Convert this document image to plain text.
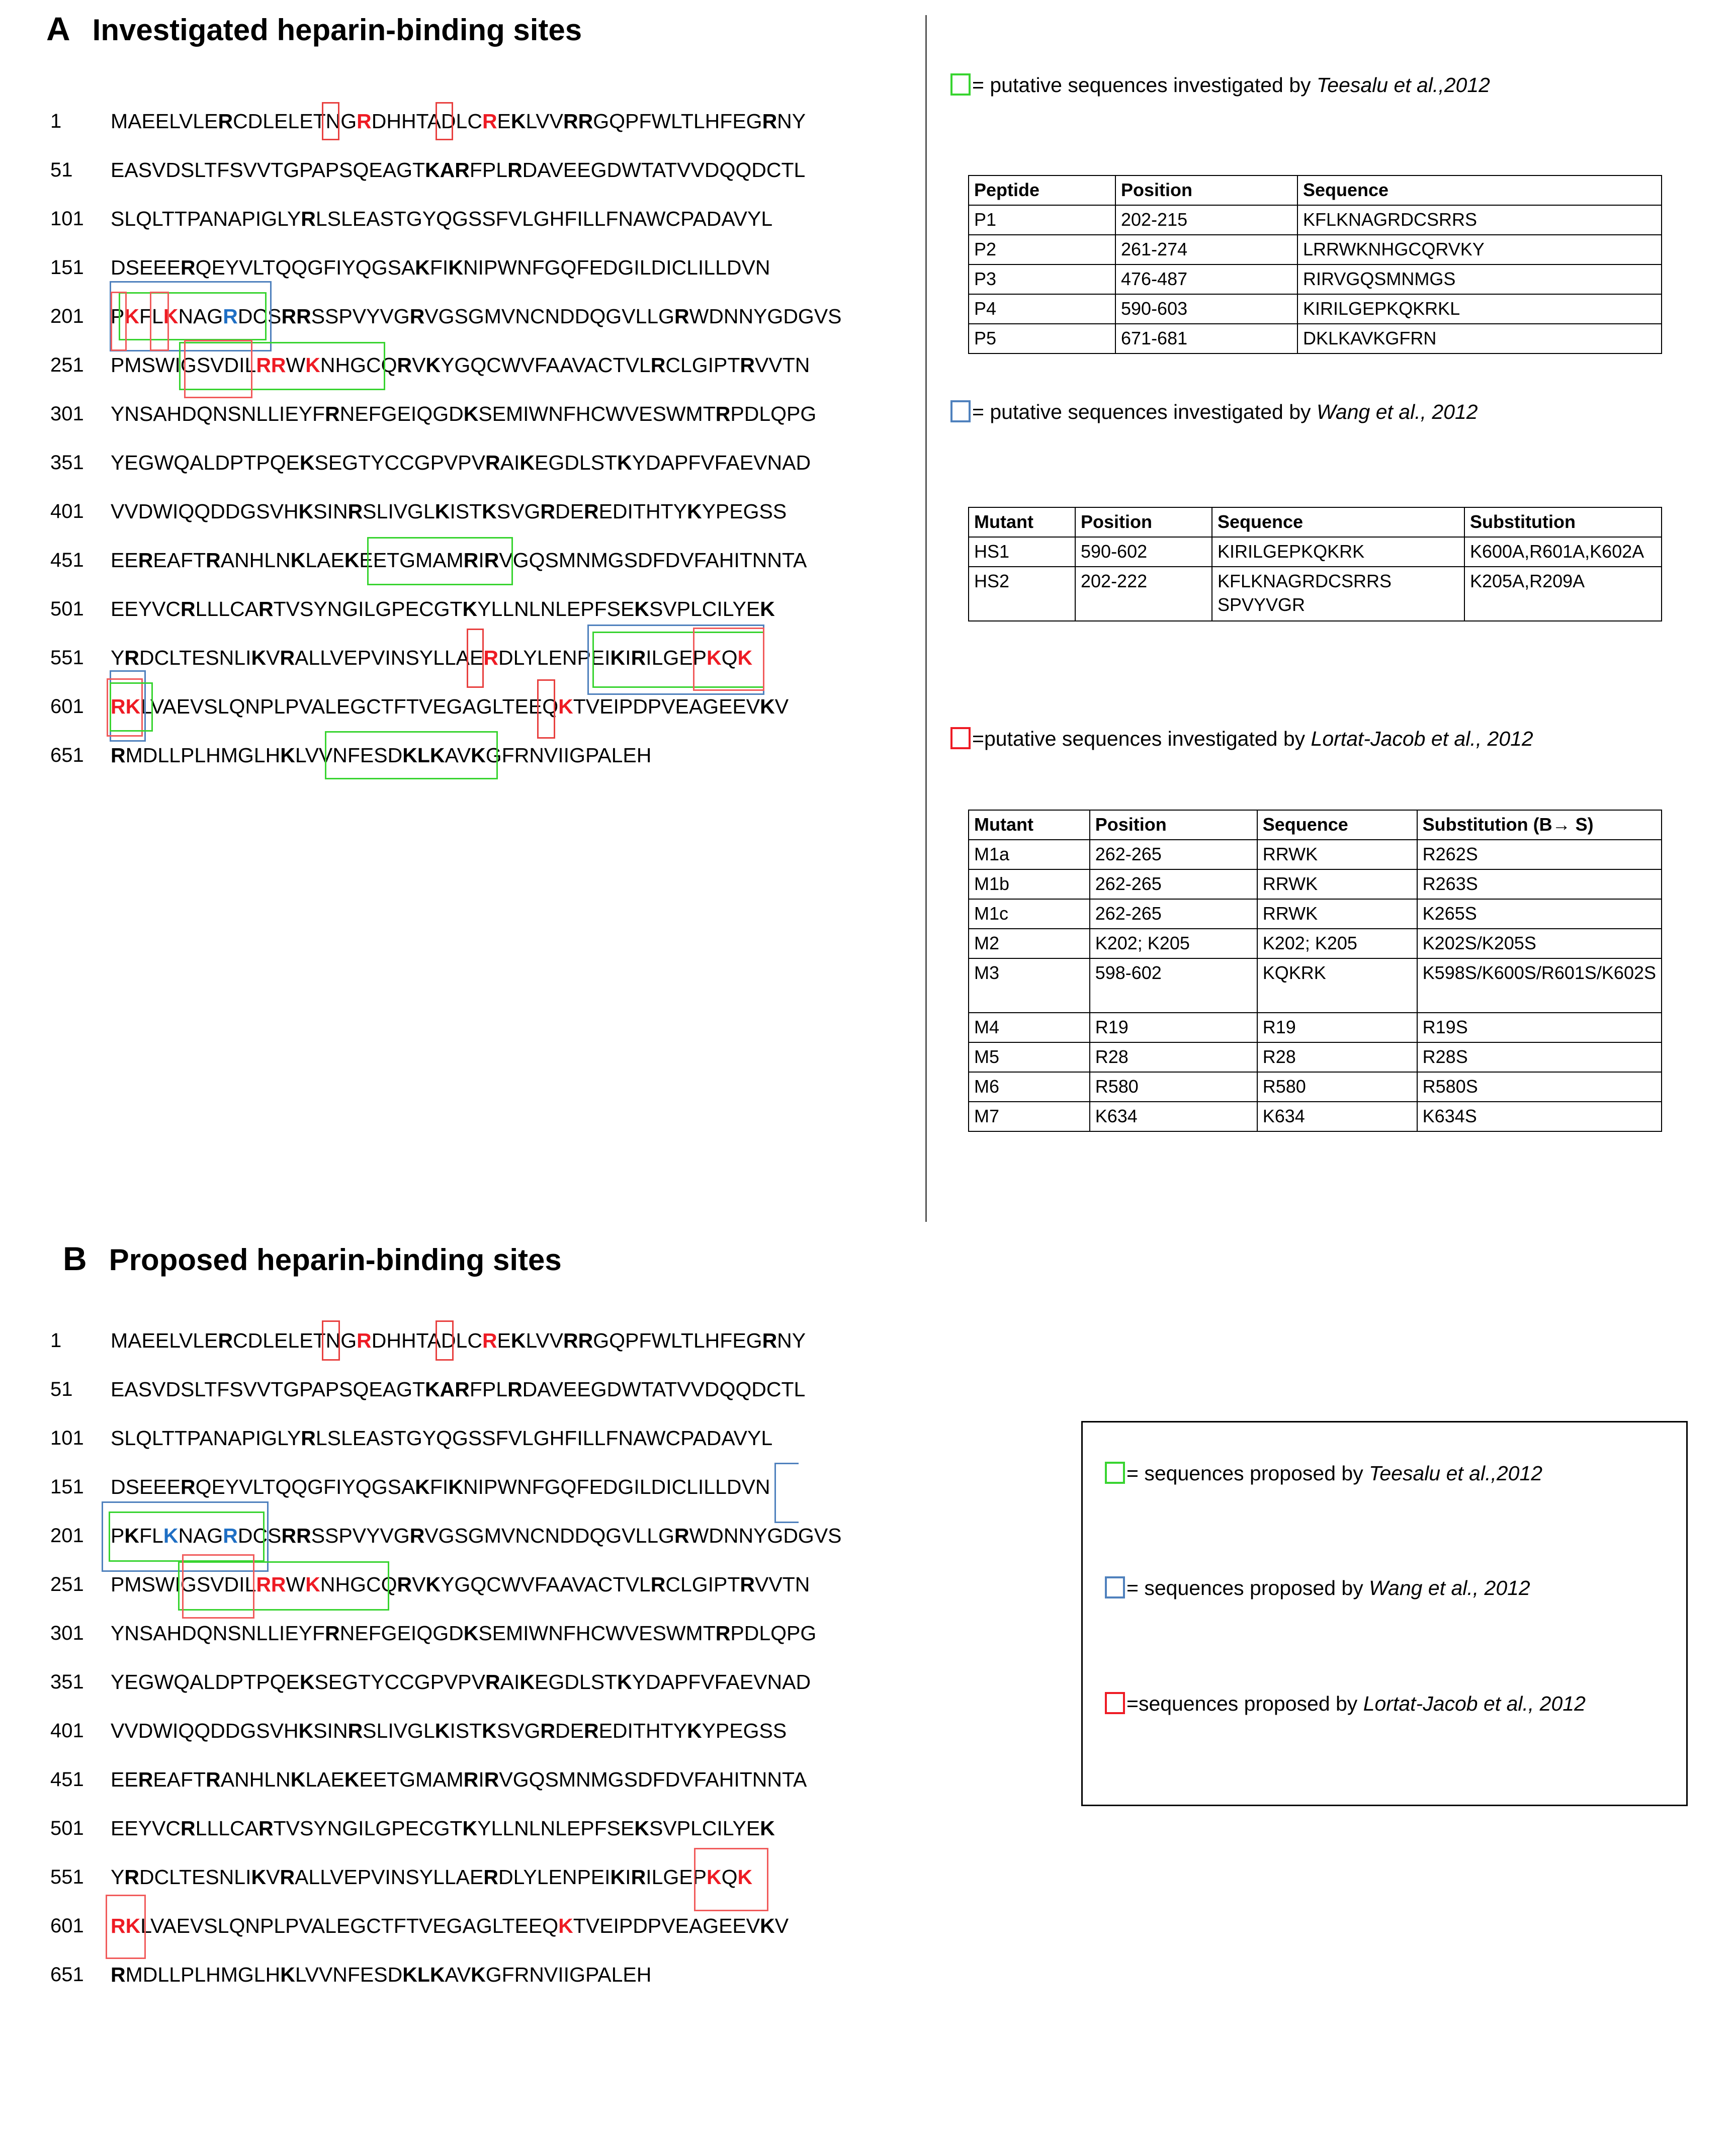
A Investigated heparin-binding sites
1	MAEELVLERCDLELETNGRDHHTADLCREKLVVRRGQPFWLTLHFEGRNY
51	EASVDSLTFSVVTGPAPSQEAGTKARFPLRDAVEEGDWTATVVDQQDCTL
101	SLQLTTPANAPIGLYRLSLEASTGYQGSSFVLGHFILLFNAWCPADAVYL
151	DSEEERQEYVLTQQGFIYQGSAKFIKNIPWNFGQFEDGILDICLILLDVN
201	PKFLKNAGRDCSRRSSPVYVGRVGSGMVNCNDDQGVLLGRWDNNYGDGVS
251	PMSWIGSVDILRRWKNHGCQRVKYGQCWVFAAVACTVLRCLGIPTRVVTN
301	YNSAHDQNSNLLIEYFRNEFGEIQGDKSEMIWNFHCWVESWMTRPDLQPG
351	YEGWQALDPTPQEKSEGTYCCGPVPVRAIKEGDLSTKYDAPFVFAEVNAD
401	VVDWIQQDDGSVHKSINRSLIVGLKISTKSVGRDEREDITHTYKYPEGSS
451	EEREAFTRANHLNKLAEKEETGMAMRIRVGQSMNMGSDFDVFAHITNNTA
501	EEYVCRLLLCARTVSYNGILGPECGTKYLLNLNLEPFSEKSVPLCILYEK
551	YRDCLTESNLIKVRALLVEPVINSYLLAERDLYLENPEIKIRILGEPKQK
601	RKLVAEVSLQNPLPVALEGCTFTVEGAGLTEEQKTVEIPDPVEAGEEVKV
651	RMDLLPLHMGLHKLVVNFESDKLKAVKGFRNVIIGPALEH
= putative sequences investigated by Teesalu et al.,2012
Peptide	Position	Sequence
P1	202-215	KFLKNAGRDCSRRS
P2	261-274	LRRWKNHGCQRVKY
P3	476-487	RIRVGQSMNMGS
P4	590-603	KIRILGEPKQKRKL
P5	671-681	DKLKAVKGFRN
= putative sequences investigated by Wang et al., 2012
Mutant	Position	Sequence	Substitution
HS1	590-602	KIRILGEPKQKRK	K600A,R601A,K602A
HS2	202-222	KFLKNAGRDCSRRS SPVYVGR	K205A,R209A
=putative sequences investigated by Lortat-Jacob et al., 2012
Mutant	Position	Sequence	Substitution (B→ S)
M1a	262-265	RRWK	R262S
M1b	262-265	RRWK	R263S
M1c	262-265	RRWK	K265S
M2	K202; K205	K202; K205	K202S/K205S
M3	598-602	KQKRK	K598S/K600S/R601S/K602S
M4	R19	R19	R19S
M5	R28	R28	R28S
M6	R580	R580	R580S
M7	K634	K634	K634S
B Proposed heparin-binding sites
1	MAEELVLERCDLELETNGRDHHTADLCREKLVVRRGQPFWLTLHFEGRNY
51	EASVDSLTFSVVTGPAPSQEAGTKARFPLRDAVEEGDWTATVVDQQDCTL
101	SLQLTTPANAPIGLYRLSLEASTGYQGSSFVLGHFILLFNAWCPADAVYL
151	DSEEERQEYVLTQQGFIYQGSAKFIKNIPWNFGQFEDGILDICLILLDVN
201	PKFLKNAGRDCSRRSSPVYVGRVGSGMVNCNDDQGVLLGRWDNNYGDGVS
251	PMSWIGSVDILRRWKNHGCQRVKYGQCWVFAAVACTVLRCLGIPTRVVTN
301	YNSAHDQNSNLLIEYFRNEFGEIQGDKSEMIWNFHCWVESWMTRPDLQPG
351	YEGWQALDPTPQEKSEGTYCCGPVPVRAIKEGDLSTKYDAPFVFAEVNAD
401	VVDWIQQDDGSVHKSINRSLIVGLKISTKSVGRDEREDITHTYKYPEGSS
451	EEREAFTRANHLNKLAEKEETGMAMRIRVGQSMNMGSDFDVFAHITNNTA
501	EEYVCRLLLCARTVSYNGILGPECGTKYLLNLNLEPFSEKSVPLCILYEK
551	YRDCLTESNLIKVRALLVEPVINSYLLAERDLYLENPEIKIRILGEPKQK
601	RKLVAEVSLQNPLPVALEGCTFTVEGAGLTEEQKTVEIPDPVEAGEEVKV
651	RMDLLPLHMGLHKLVVNFESDKLKAVKGFRNVIIGPALEH
= sequences proposed by Teesalu et al.,2012
= sequences proposed by Wang et al., 2012
=sequences proposed by Lortat-Jacob et al., 2012
